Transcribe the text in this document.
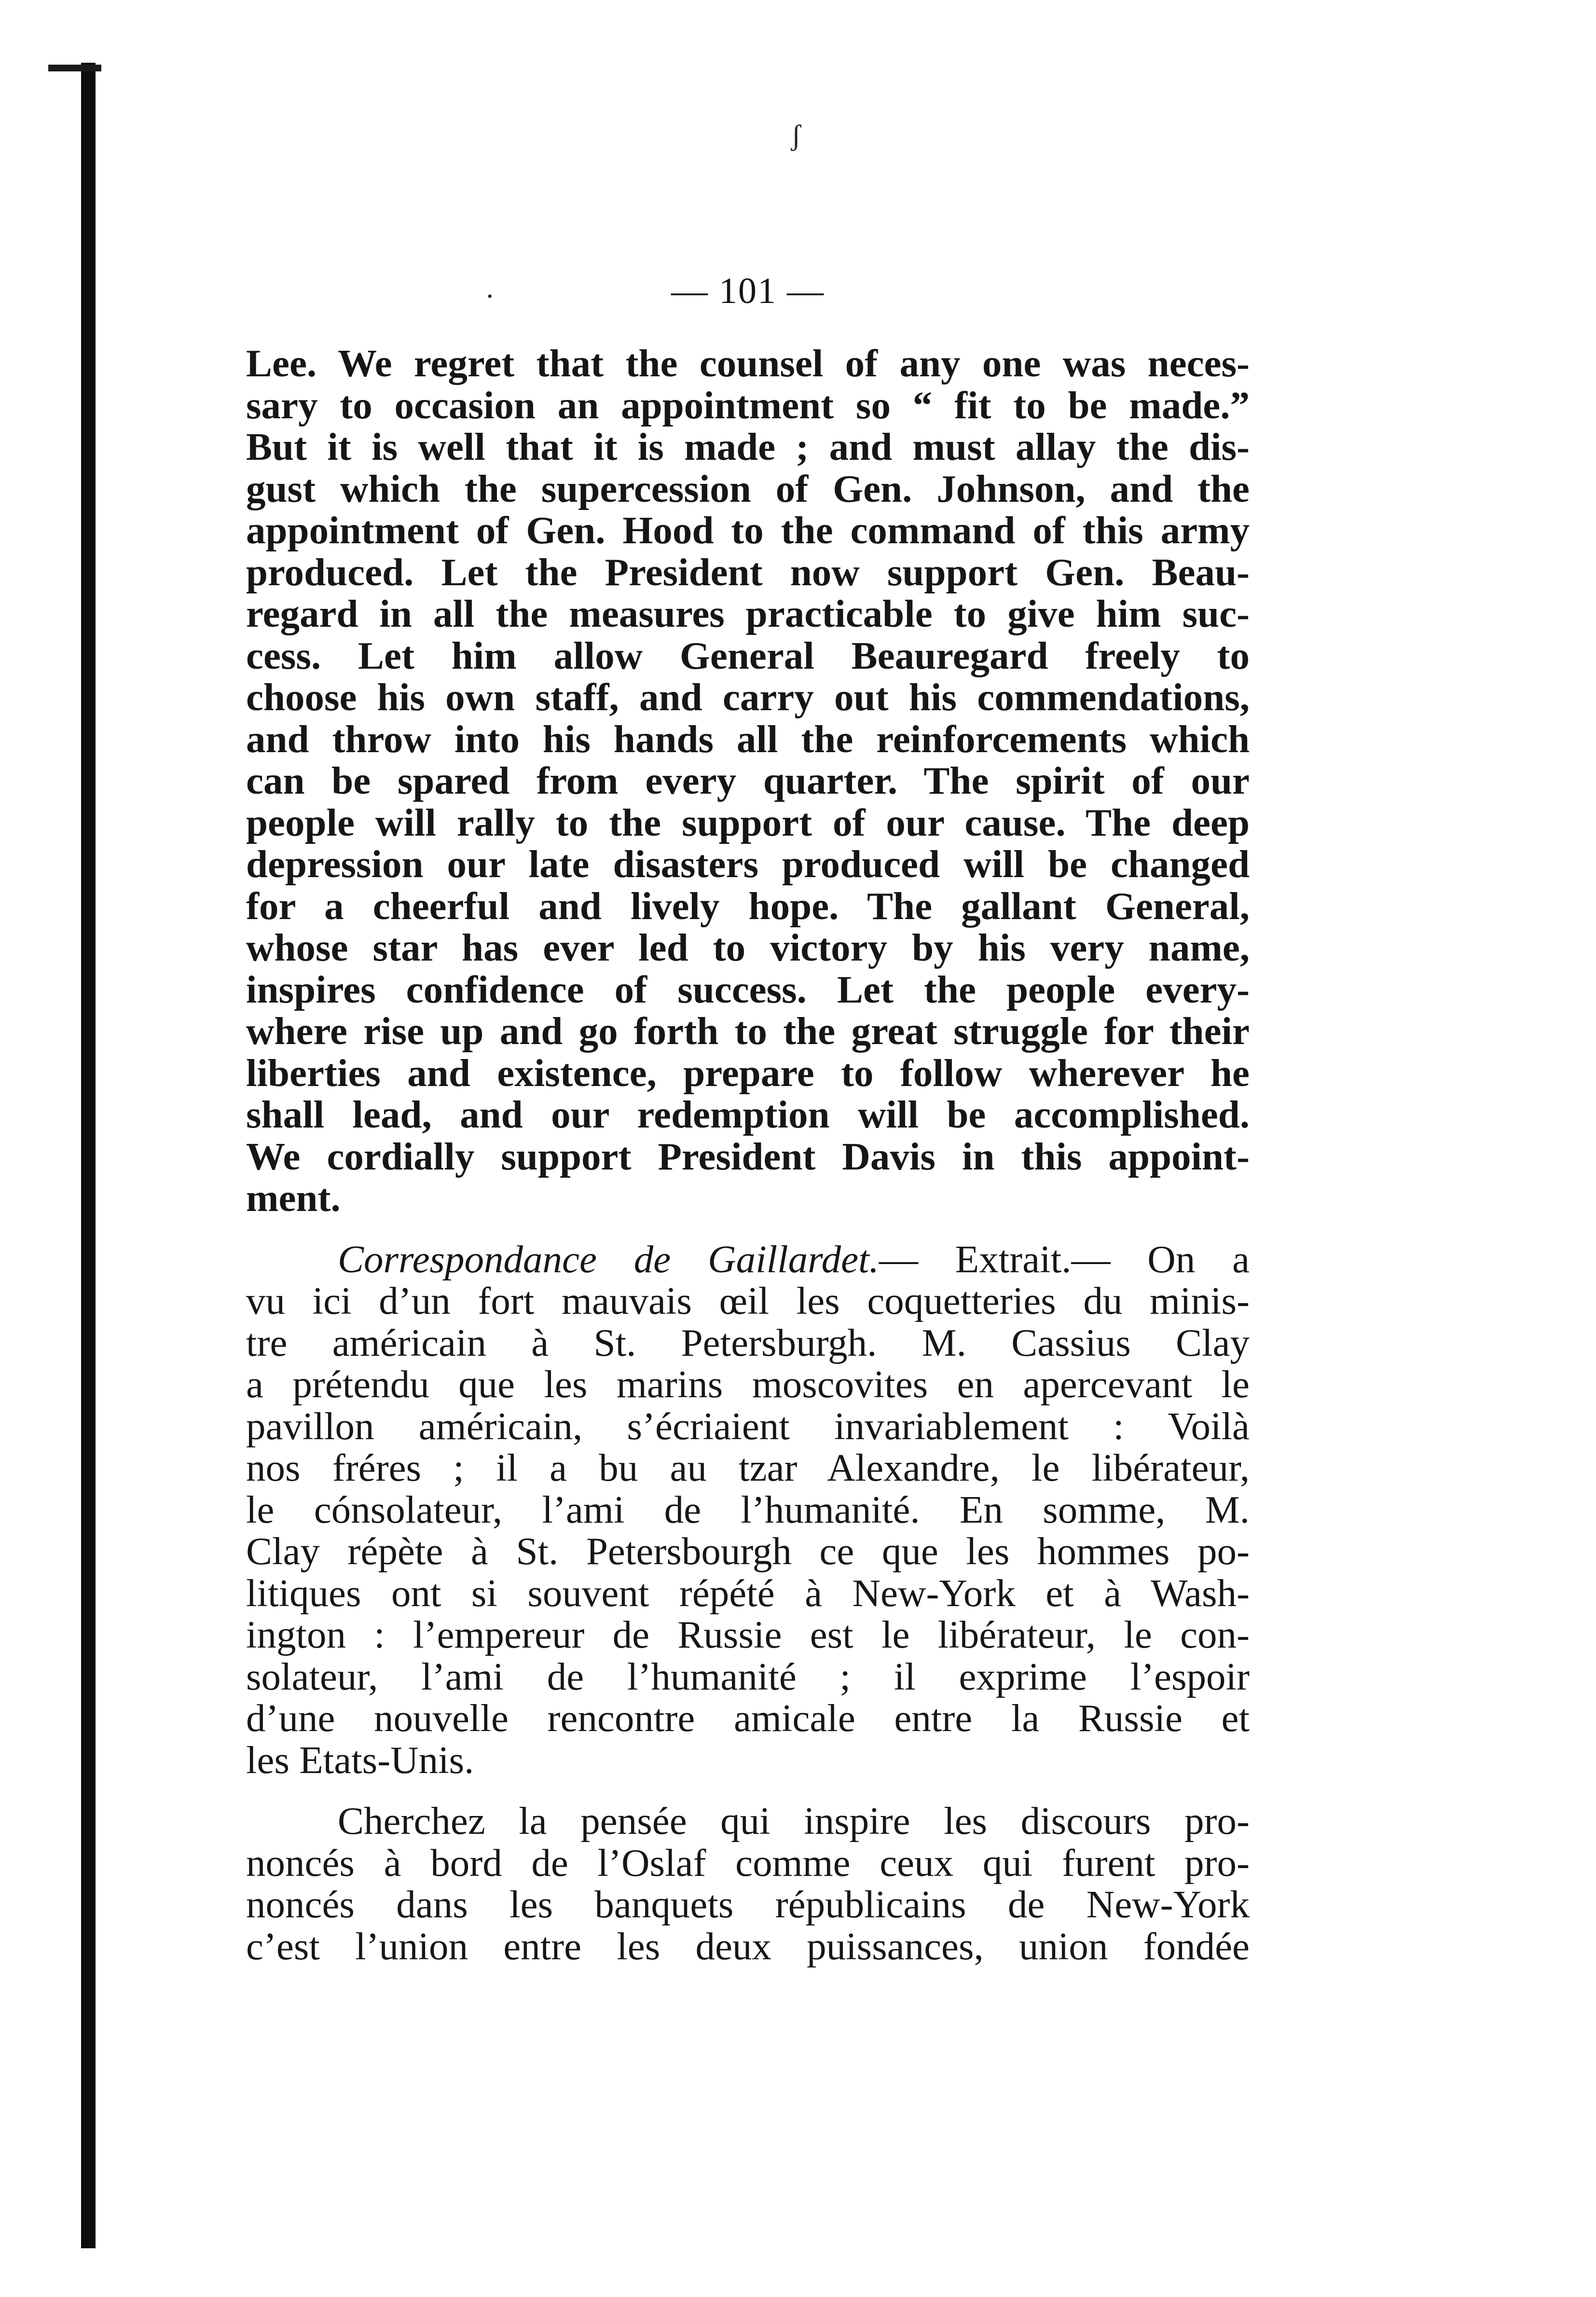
ʃ
•	— 101 —
Lee. We regret that the counsel of any one was neces-
sary to occasion an appointment so “ fit to be made.”
But it is well that it is made ; and must allay the dis-
gust which the supercession of Gen. Johnson, and the
appointment of Gen. Hood to the command of this army
produced. Let the President now support Gen. Beau-
regard in all the measures practicable to give him suc-
cess. Let him allow General Beauregard freely to
choose his own staff, and carry out his commendations,
and throw into his hands all the reinforcements which
can be spared from every quarter. The spirit of our
people will rally to the support of our cause. The deep
depression our late disasters produced will be changed
for a cheerful and lively hope. The gallant General,
whose star has ever led to victory by his very name,
inspires confidence of success. Let the people every-
where rise up and go forth to the great struggle for their
liberties and existence, prepare to follow wherever he
shall lead, and our redemption will be accomplished.
We cordially support President Davis in this appoint-
ment.
Correspondance de Gaillardet.— Extrait.— On a
vu ici d’un fort mauvais œil les coquetteries du minis-
tre américain à St. Petersburgh. M. Cassius Clay
a prétendu que les marins moscovites en apercevant le
pavillon américain, s’écriaient invariablement : Voilà
nos fréres ; il a bu au tzar Alexandre, le libérateur,
le cónsolateur, l’ami de l’humanité. En somme, M.
Clay répète à St. Petersbourgh ce que les hommes po-
litiques ont si souvent répété à New-York et à Wash-
ington : l’empereur de Russie est le libérateur, le con-
solateur, l’ami de l’humanité ; il exprime l’espoir
d’une nouvelle rencontre amicale entre la Russie et
les Etats-Unis.
Cherchez la pensée qui inspire les discours pro-
noncés à bord de l’Oslaf comme ceux qui furent pro-
noncés dans les banquets républicains de New-York
c’est l’union entre les deux puissances, union fondée
